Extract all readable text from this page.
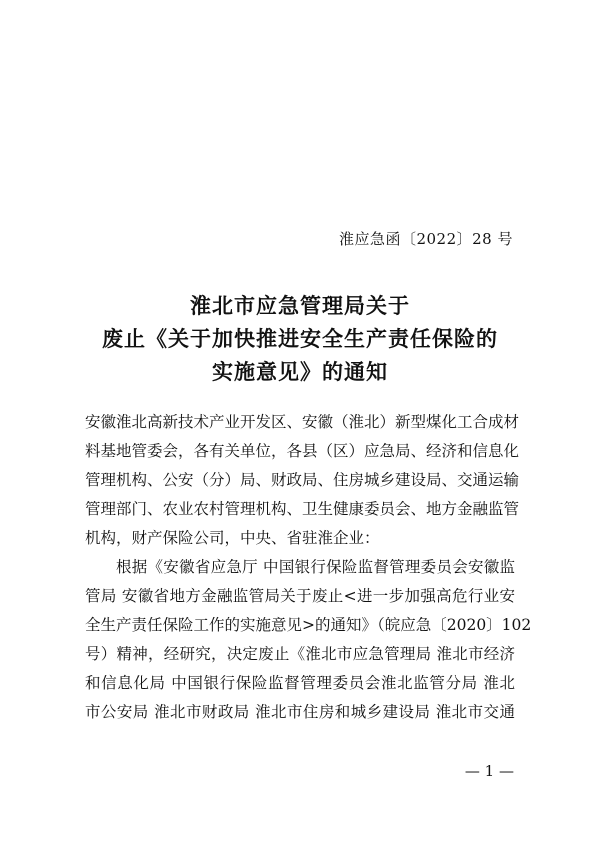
淮应急函〔2022〕28 号
淮北市应急管理局关于
废止《关于加快推进安全生产责任保险的
实施意见》的通知
安徽淮北高新技术产业开发区、安徽（淮北）新型煤化工合成材
料基地管委会，各有关单位，各县（区）应急局、经济和信息化
管理机构、公安（分）局、财政局、住房城乡建设局、交通运输
管理部门、农业农村管理机构、卫生健康委员会、地方金融监管
机构，财产保险公司，中央、省驻淮企业：
根据《安徽省应急厅 中国银行保险监督管理委员会安徽监
管局 安徽省地方金融监管局关于废止<进一步加强高危行业安
全生产责任保险工作的实施意见>的通知》（皖应急〔2020〕102
号）精神，经研究，决定废止《淮北市应急管理局 淮北市经济
和信息化局 中国银行保险监督管理委员会淮北监管分局 淮北
市公安局 淮北市财政局 淮北市住房和城乡建设局 淮北市交通
— 1 —
